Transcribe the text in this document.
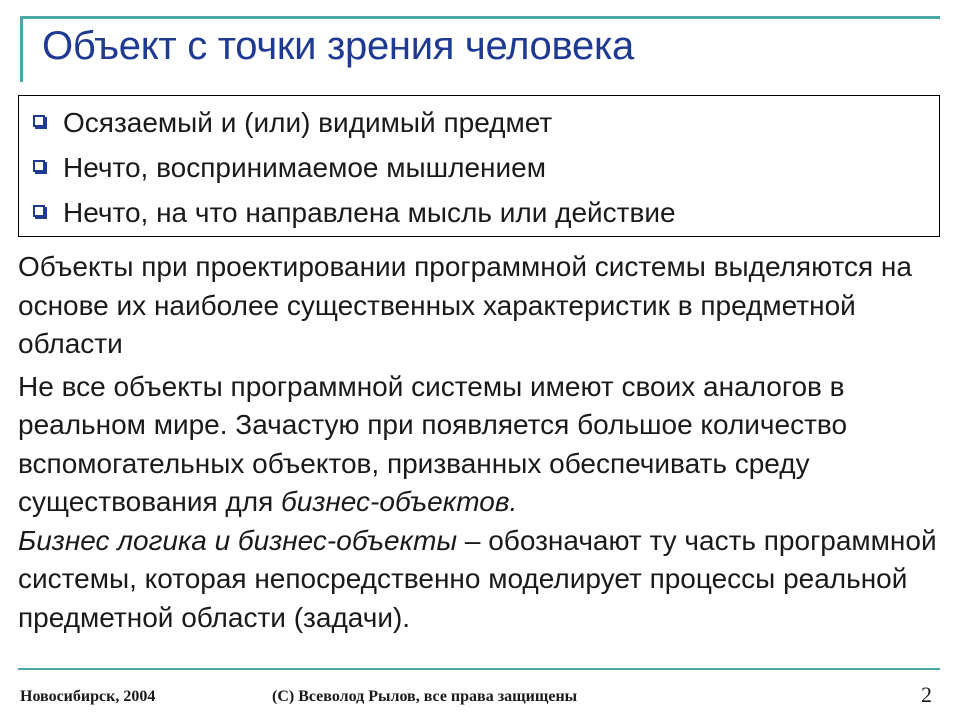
Объект с точки зрения человека
Осязаемый и (или) видимый предмет
Нечто, воспринимаемое мышлением
Нечто, на что направлена мысль или действие

Объекты при проектировании программной системы выделяются на основе их наиболее существенных характеристик в предметной области

Не все объекты программной системы имеют своих аналогов в реальном мире. Зачастую при появляется большое количество вспомогательных объектов, призванных обеспечивать среду существования для бизнес-объектов.
Бизнес логика и бизнес-объекты – обозначают ту часть программной системы, которая непосредственно моделирует процессы реальной предметной области (задачи).

Новосибирск, 2004	(С) Всеволод Рылов, все права защищены	2
